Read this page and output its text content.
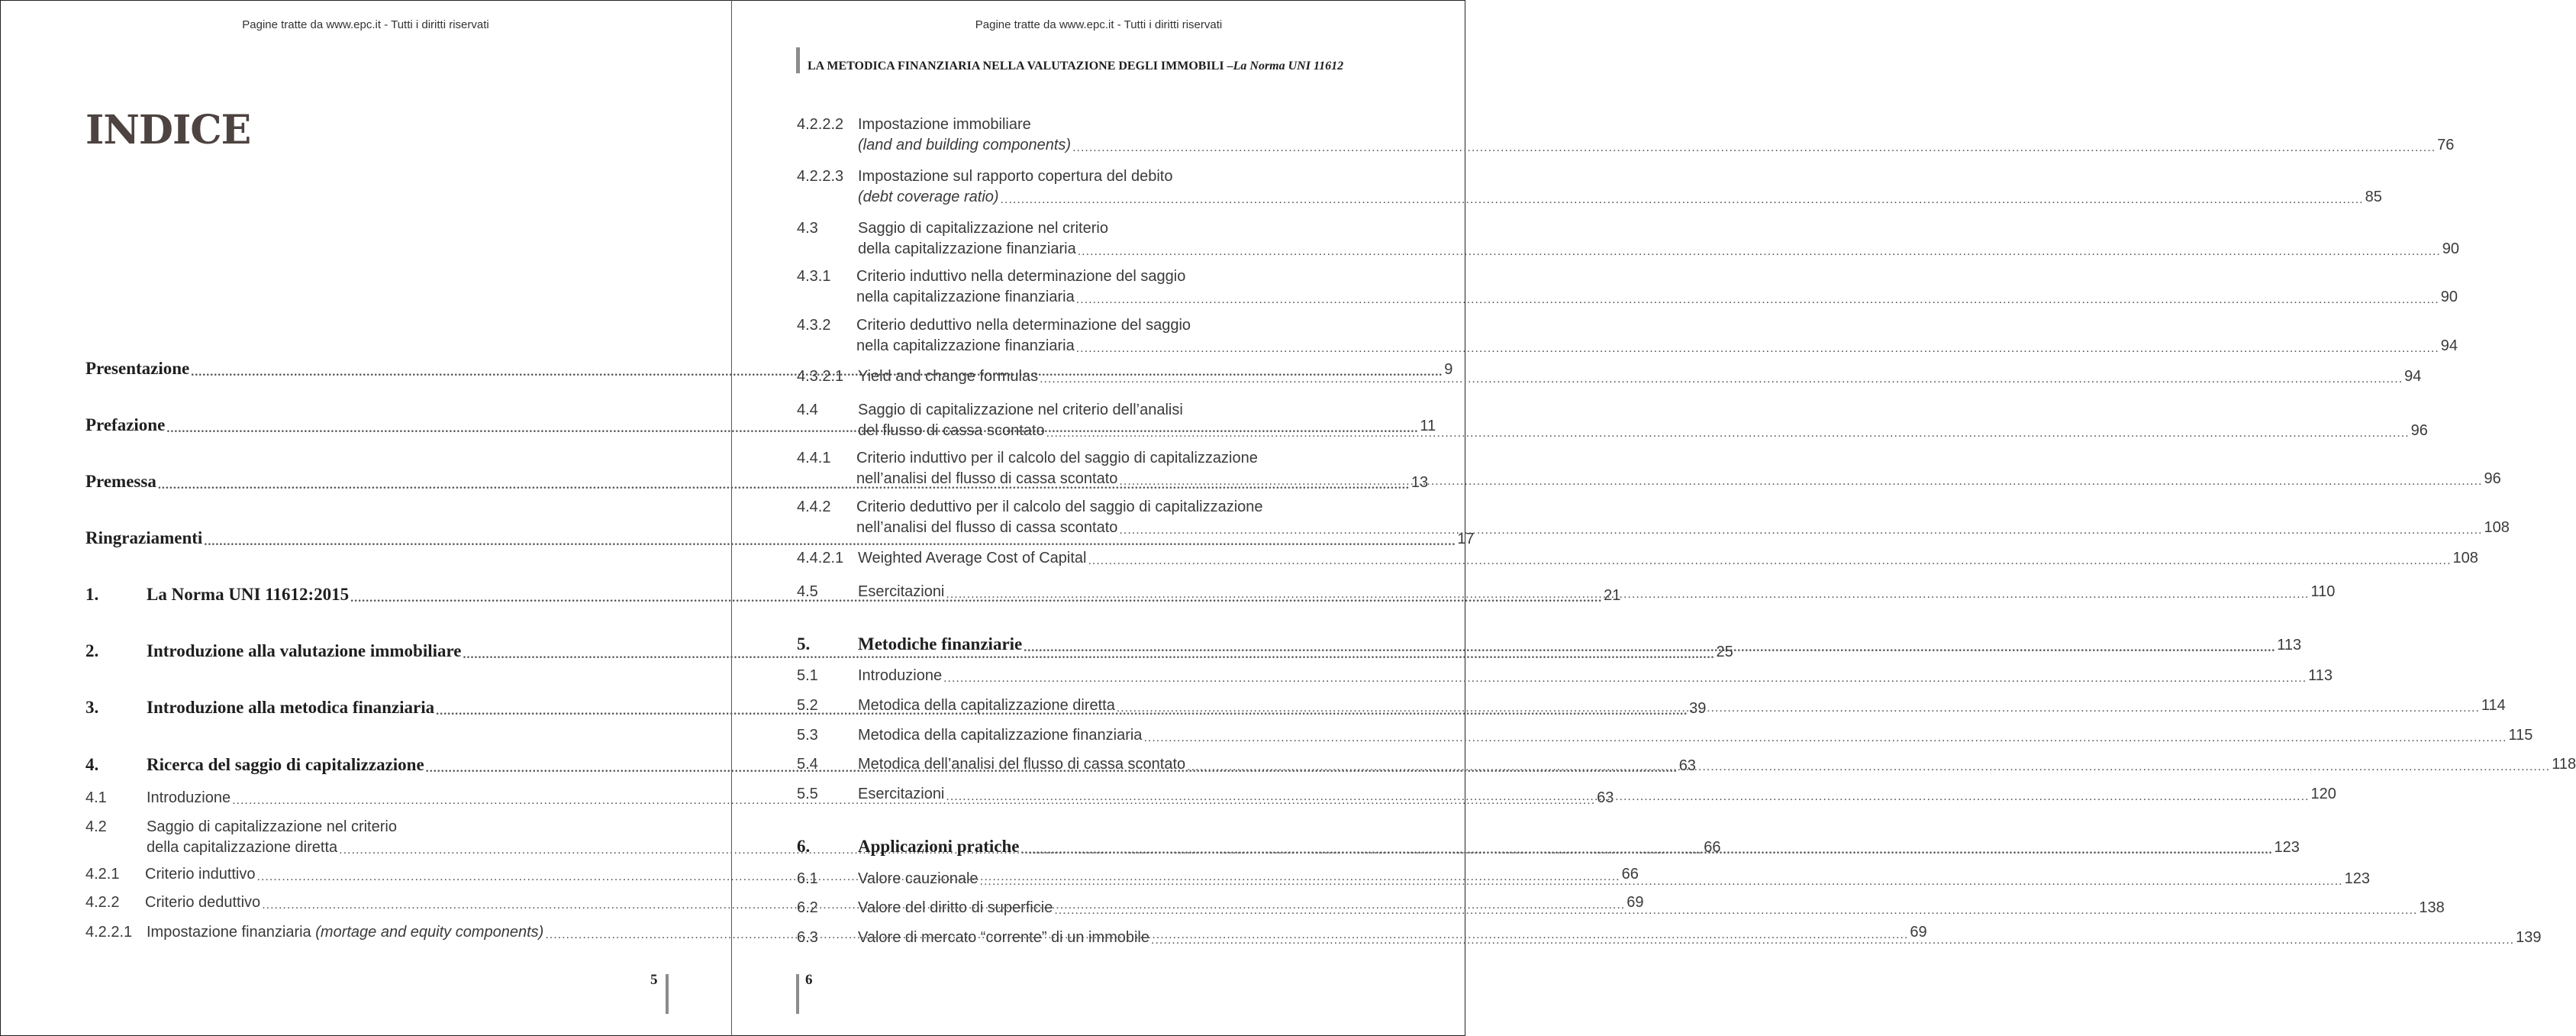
Pagine tratte da www.epc.it - Tutti i diritti riservati
INDICE
Presentazione .....	9
Prefazione .....	11
Premessa .....	13
Ringraziamenti .....	17
1.	La Norma UNI 11612:2015 .....	21
2.	Introduzione alla valutazione immobiliare .....	25
3.	Introduzione alla metodica finanziaria .....	39
4.	Ricerca del saggio di capitalizzazione .....	63
4.1	Introduzione .....	63
4.2	Saggio di capitalizzazione nel criterio
della capitalizzazione diretta .....	66
4.2.1	Criterio induttivo .....	66
4.2.2	Criterio deduttivo .....	69
4.2.2.1 Impostazione finanziaria (mortage and equity components) .....	69
5
Pagine tratte da www.epc.it - Tutti i diritti riservati
LA METODICA FINANZIARIA NELLA VALUTAZIONE DEGLI IMMOBILI – La Norma UNI 11612
4.2.2.2 Impostazione immobiliare
(land and building components) .....	76
4.2.2.3 Impostazione sul rapporto copertura del debito
(debt coverage ratio) .....	85
4.3	Saggio di capitalizzazione nel criterio
della capitalizzazione finanziaria .....	90
4.3.1	Criterio induttivo nella determinazione del saggio
nella capitalizzazione finanziaria .....	90
4.3.2	Criterio deduttivo nella determinazione del saggio
nella capitalizzazione finanziaria .....	94
4.3.2.1 Yield and change formulas .....	94
4.4	Saggio di capitalizzazione nel criterio dell’analisi
del flusso di cassa scontato .....	96
4.4.1	Criterio induttivo per il calcolo del saggio di capitalizzazione
nell’analisi del flusso di cassa scontato .....	96
4.4.2	Criterio deduttivo per il calcolo del saggio di capitalizzazione
nell’analisi del flusso di cassa scontato .....	108
4.4.2.1 Weighted Average Cost of Capital .....	108
4.5	Esercitazioni .....	110
5.	Metodiche finanziarie .....	113
5.1	Introduzione .....	113
5.2	Metodica della capitalizzazione diretta .....	114
5.3	Metodica della capitalizzazione finanziaria .....	115
5.4	Metodica dell’analisi del flusso di cassa scontato .....	118
5.5	Esercitazioni .....	120
6.	Applicazioni pratiche .....	123
6.1	Valore cauzionale .....	123
6.2	Valore del diritto di superficie .....	138
6.3	Valore di mercato “corrente” di un immobile .....	139
6
